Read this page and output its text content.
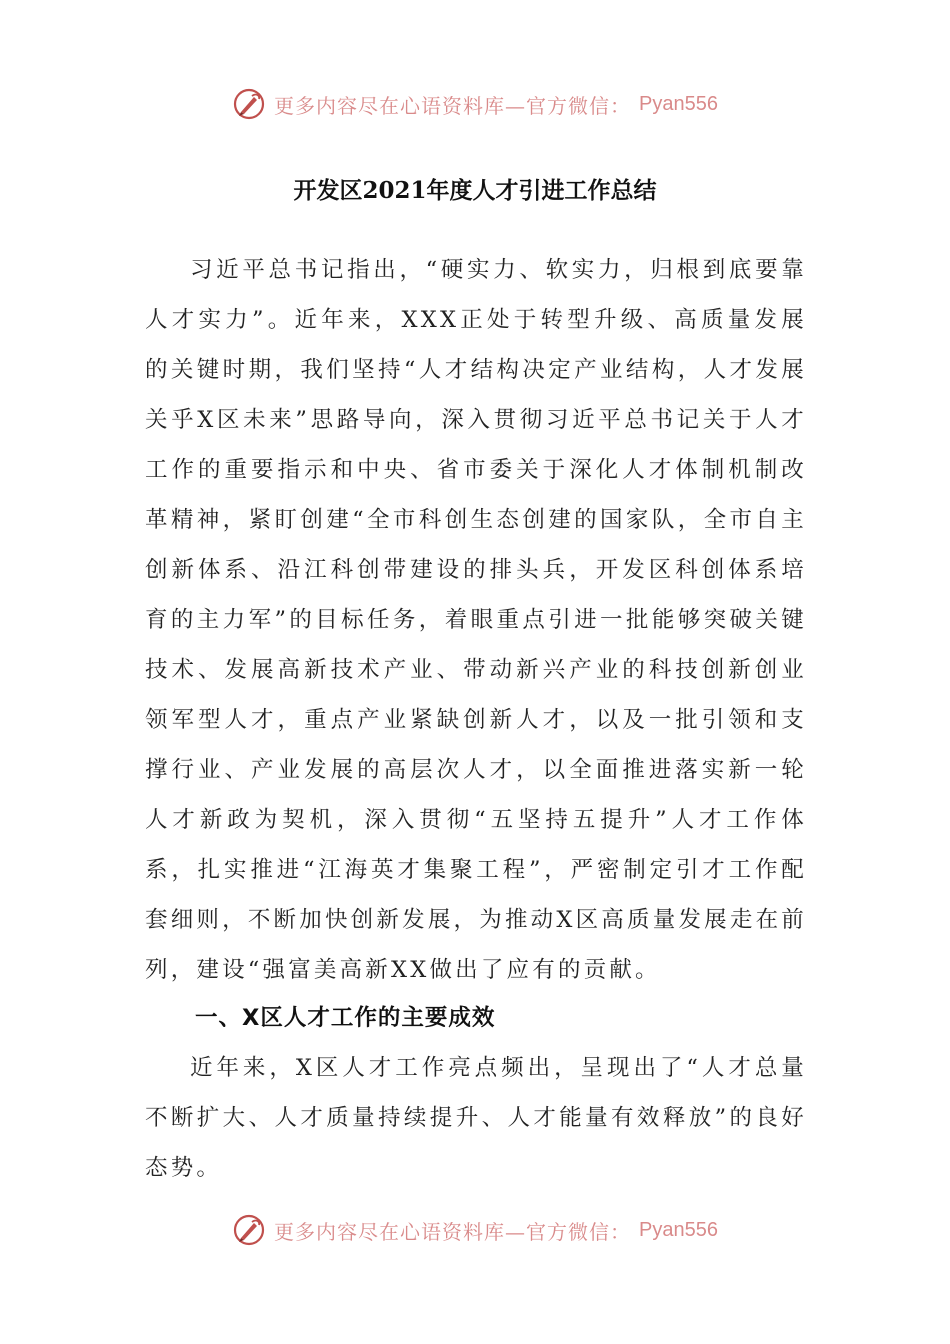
更多内容尽在心语资料库—官方微信： Pyan556
开发区2021年度人才引进工作总结

习近平总书记指出，“硬实力、软实力，归根到底要靠人才实力”。近年来，XXX正处于转型升级、高质量发展的关键时期，我们坚持“人才结构决定产业结构，人才发展关乎X区未来”思路导向，深入贯彻习近平总书记关于人才工作的重要指示和中央、省市委关于深化人才体制机制改革精神，紧盯创建“全市科创生态创建的国家队，全市自主创新体系、沿江科创带建设的排头兵，开发区科创体系培育的主力军”的目标任务，着眼重点引进一批能够突破关键技术、发展高新技术产业、带动新兴产业的科技创新创业领军型人才，重点产业紧缺创新人才，以及一批引领和支撑行业、产业发展的高层次人才，以全面推进落实新一轮人才新政为契机，深入贯彻“五坚持五提升”人才工作体系，扎实推进“江海英才集聚工程”，严密制定引才工作配套细则，不断加快创新发展，为推动X区高质量发展走在前列，建设“强富美高新XX做出了应有的贡献。

一、X区人才工作的主要成效

近年来，X区人才工作亮点频出，呈现出了“人才总量不断扩大、人才质量持续提升、人才能量有效释放”的良好态势。

更多内容尽在心语资料库—官方微信： Pyan556
